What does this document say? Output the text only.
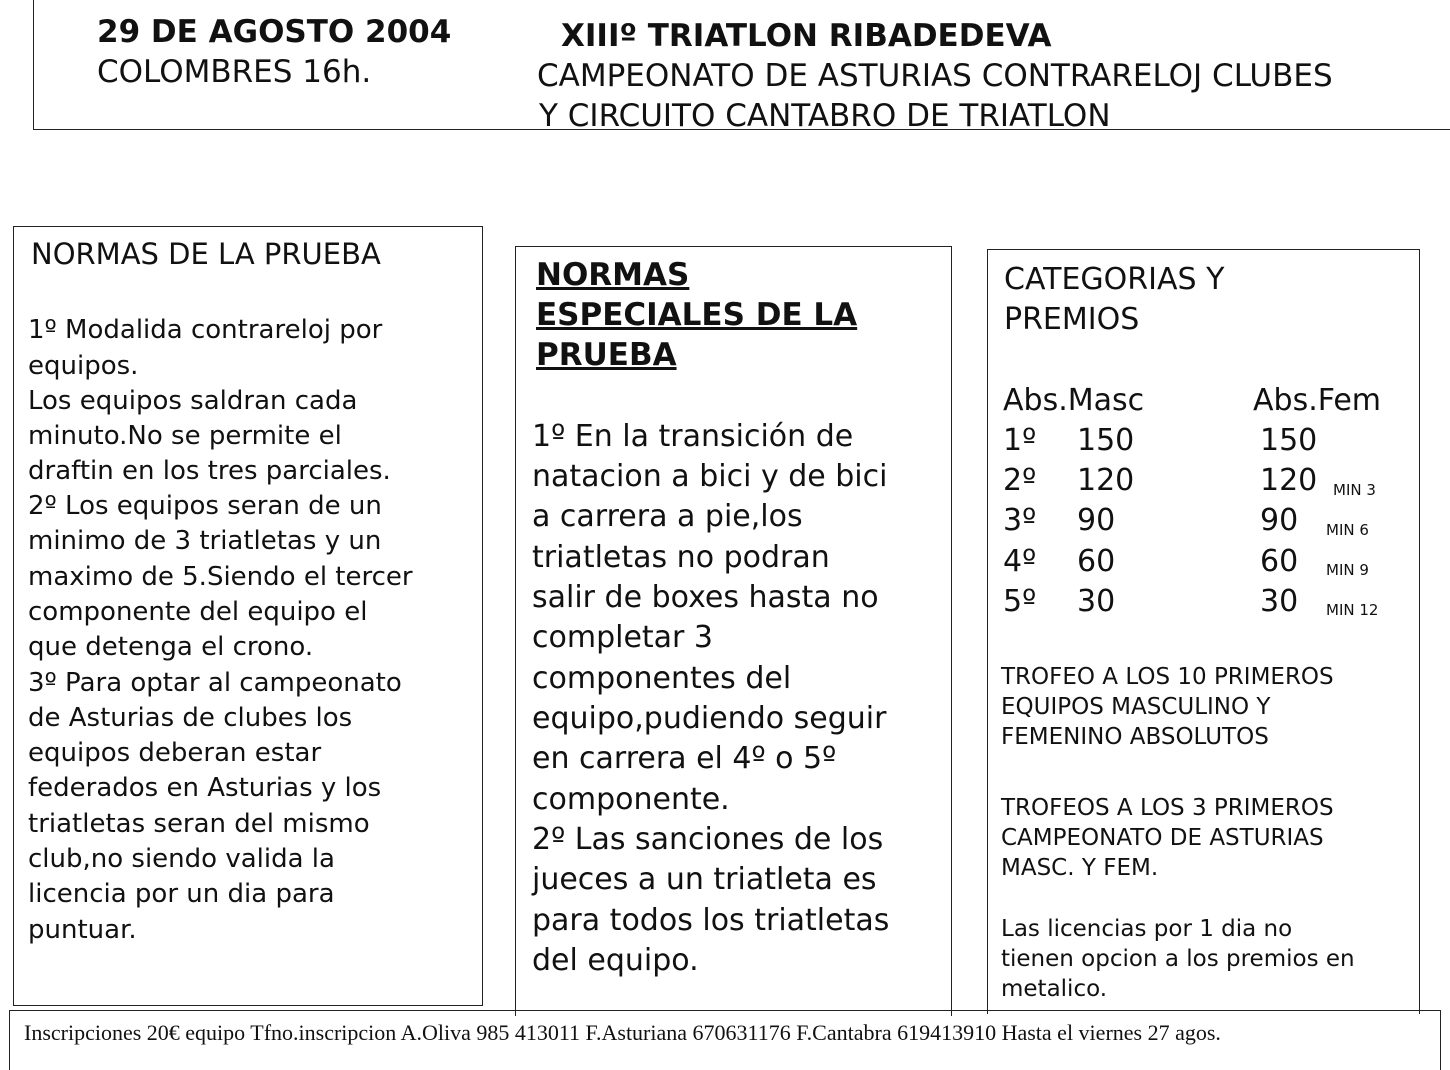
29 DE AGOSTO 2004
COLOMBRES 16h.
XIIIº TRIATLON RIBADEDEVA
CAMPEONATO DE ASTURIAS CONTRARELOJ CLUBES
Y CIRCUITO CANTABRO DE TRIATLON
NORMAS DE LA PRUEBA
1º Modalida contrareloj por
equipos.
Los equipos saldran cada
minuto.No se permite el
draftin en los tres parciales.
2º Los equipos seran de un
minimo de 3 triatletas y un
maximo de 5.Siendo el tercer
componente del equipo el
que detenga el crono.
3º Para optar al campeonato
de Asturias de clubes los
equipos deberan estar
federados en Asturias y los
triatletas seran del mismo
club,no siendo valida la
licencia por un dia para
puntuar.
NORMAS
ESPECIALES DE LA
PRUEBA
1º En la transición de
natacion a bici y de bici
a carrera a pie,los
triatletas no podran
salir de boxes hasta no
completar 3
componentes del
equipo,pudiendo seguir
en carrera el 4º o 5º
componente.
2º Las sanciones de los
jueces a un triatleta es
para todos los triatletas
del equipo.
CATEGORIAS Y
PREMIOS
Abs.Masc	Abs.Fem
1º 150	150
2º 120	120 MIN 3
3º 90	90 MIN 6
4º 60	60 MIN 9
5º 30	30 MIN 12
TROFEO A LOS 10 PRIMEROS
EQUIPOS MASCULINO Y
FEMENINO ABSOLUTOS
TROFEOS A LOS 3 PRIMEROS
CAMPEONATO DE ASTURIAS
MASC. Y FEM.
Las licencias por 1 dia no
tienen opcion a los premios en
metalico.
Inscripciones 20€ equipo Tfno.inscripcion A.Oliva 985 413011 F.Asturiana 670631176 F.Cantabra 619413910 Hasta el viernes 27 agos.
